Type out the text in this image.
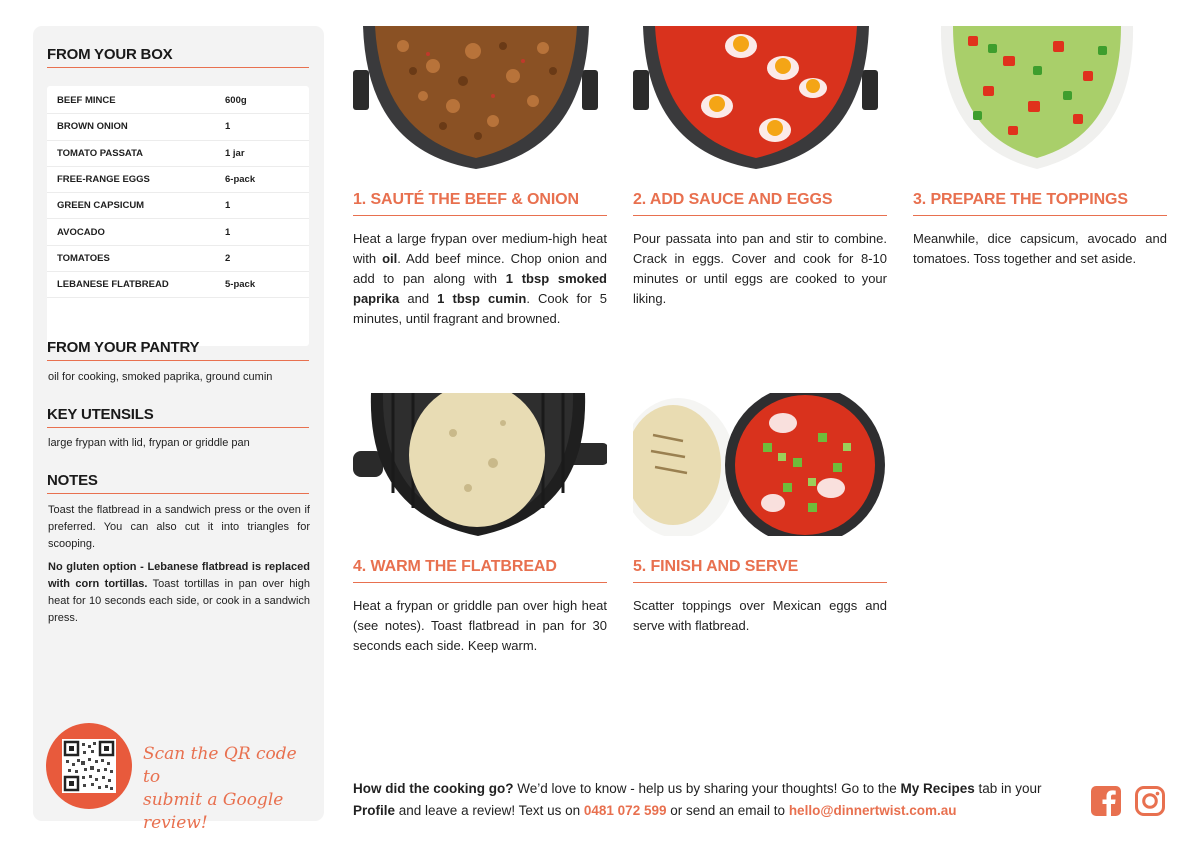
FROM YOUR BOX
BEEF MINCE	600g
BROWN ONION	1
TOMATO PASSATA	1 jar
FREE-RANGE EGGS	6-pack
GREEN CAPSICUM	1
AVOCADO	1
TOMATOES	2
LEBANESE FLATBREAD	5-pack
FROM YOUR PANTRY
oil for cooking, smoked paprika, ground cumin
KEY UTENSILS
large frypan with lid, frypan or griddle pan
NOTES

Toast the flatbread in a sandwich press or the oven if preferred. You can also cut it into triangles for scooping.

No gluten option - Lebanese flatbread is replaced with corn tortillas. Toast tortillas in pan over high heat for 10 seconds each side, or cook in a sandwich press.

Scan the QR code to
submit a Google review!
1. SAUTÉ THE BEEF & ONION
Heat a large frypan over medium-high heat with oil. Add beef mince. Chop onion and add to pan along with 1 tbsp smoked paprika and 1 tbsp cumin. Cook for 5 minutes, until fragrant and browned.
2. ADD SAUCE AND EGGS
Pour passata into pan and stir to combine. Crack in eggs. Cover and cook for 8-10 minutes or until eggs are cooked to your liking.
3. PREPARE THE TOPPINGS
Meanwhile, dice capsicum, avocado and tomatoes. Toss together and set aside.
4. WARM THE FLATBREAD
Heat a frypan or griddle pan over high heat (see notes). Toast flatbread in pan for 30 seconds each side. Keep warm.
5. FINISH AND SERVE
Scatter toppings over Mexican eggs and serve with flatbread.
How did the cooking go? We’d love to know - help us by sharing your thoughts! Go to the My Recipes tab in your Profile and leave a review! Text us on 0481 072 599 or send an email to hello@dinnertwist.com.au
